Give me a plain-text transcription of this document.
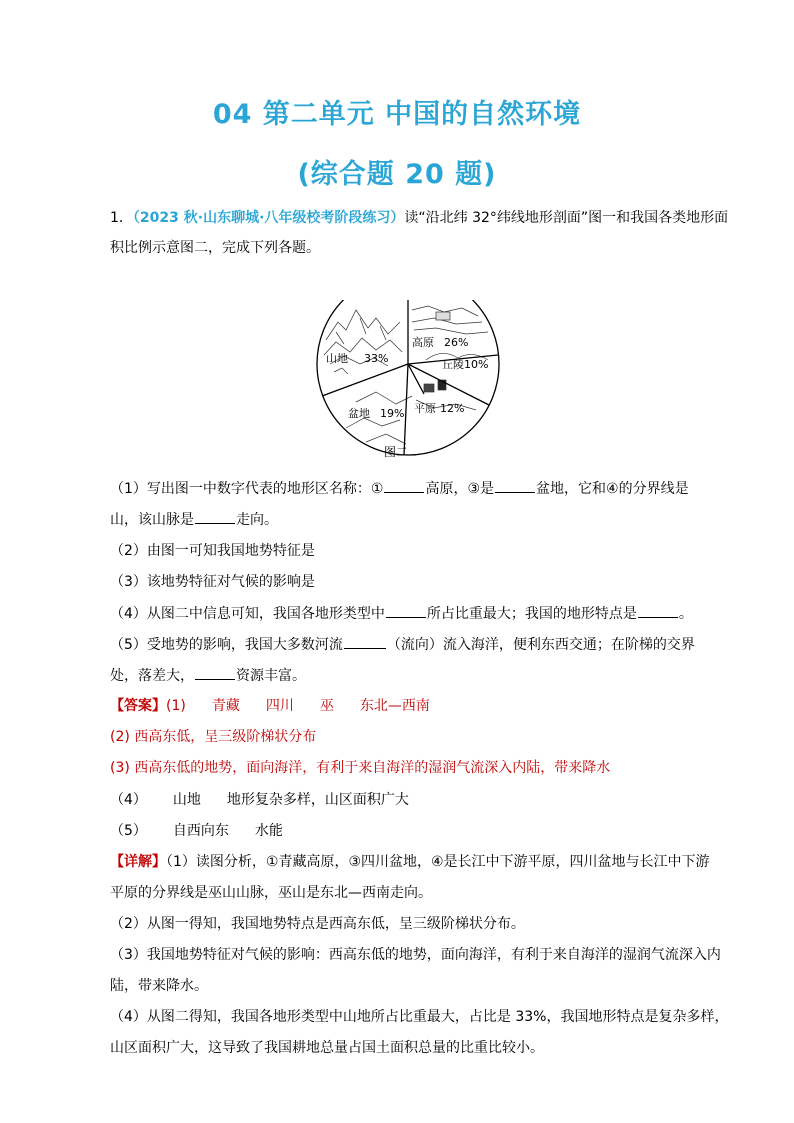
04 第二单元 中国的自然环境
(综合题 20 题)
1．（2023 秋·山东聊城·八年级校考阶段练习）读“沿北纬 32°纬线地形剖面”图一和我国各类地形面
积比例示意图二，完成下列各题。
高原 26%
山地 33%	丘陵 10%
盆地 19% 平原 12%
图二
（1）写出图一中数字代表的地形区名称：①	高原，③是	盆地，它和④的分界线是
山，该山脉是	走向。
（2）由图一可知我国地势特征是
（3）该地势特征对气候的影响是
（4）从图二中信息可知，我国各地形类型中	所占比重最大；我国的地形特点是	。
（5）受地势的影响，我国大多数河流	（流向）流入海洋，便利东西交通；在阶梯的交界
处，落差大，	资源丰富。
【答案】(1) 青藏 四川 巫 东北—西南
(2) 西高东低，呈三级阶梯状分布
(3) 西高东低的地势，面向海洋，有利于来自海洋的湿润气流深入内陆，带来降水
（4） 山地 地形复杂多样，山区面积广大
（5） 自西向东 水能
【详解】（1）读图分析，①青藏高原，③四川盆地，④是长江中下游平原，四川盆地与长江中下游
平原的分界线是巫山山脉，巫山是东北—西南走向。
（2）从图一得知，我国地势特点是西高东低，呈三级阶梯状分布。
（3）我国地势特征对气候的影响：西高东低的地势，面向海洋，有利于来自海洋的湿润气流深入内
陆，带来降水。
（4）从图二得知，我国各地形类型中山地所占比重最大，占比是 33%，我国地形特点是复杂多样，
山区面积广大，这导致了我国耕地总量占国土面积总量的比重比较小。
